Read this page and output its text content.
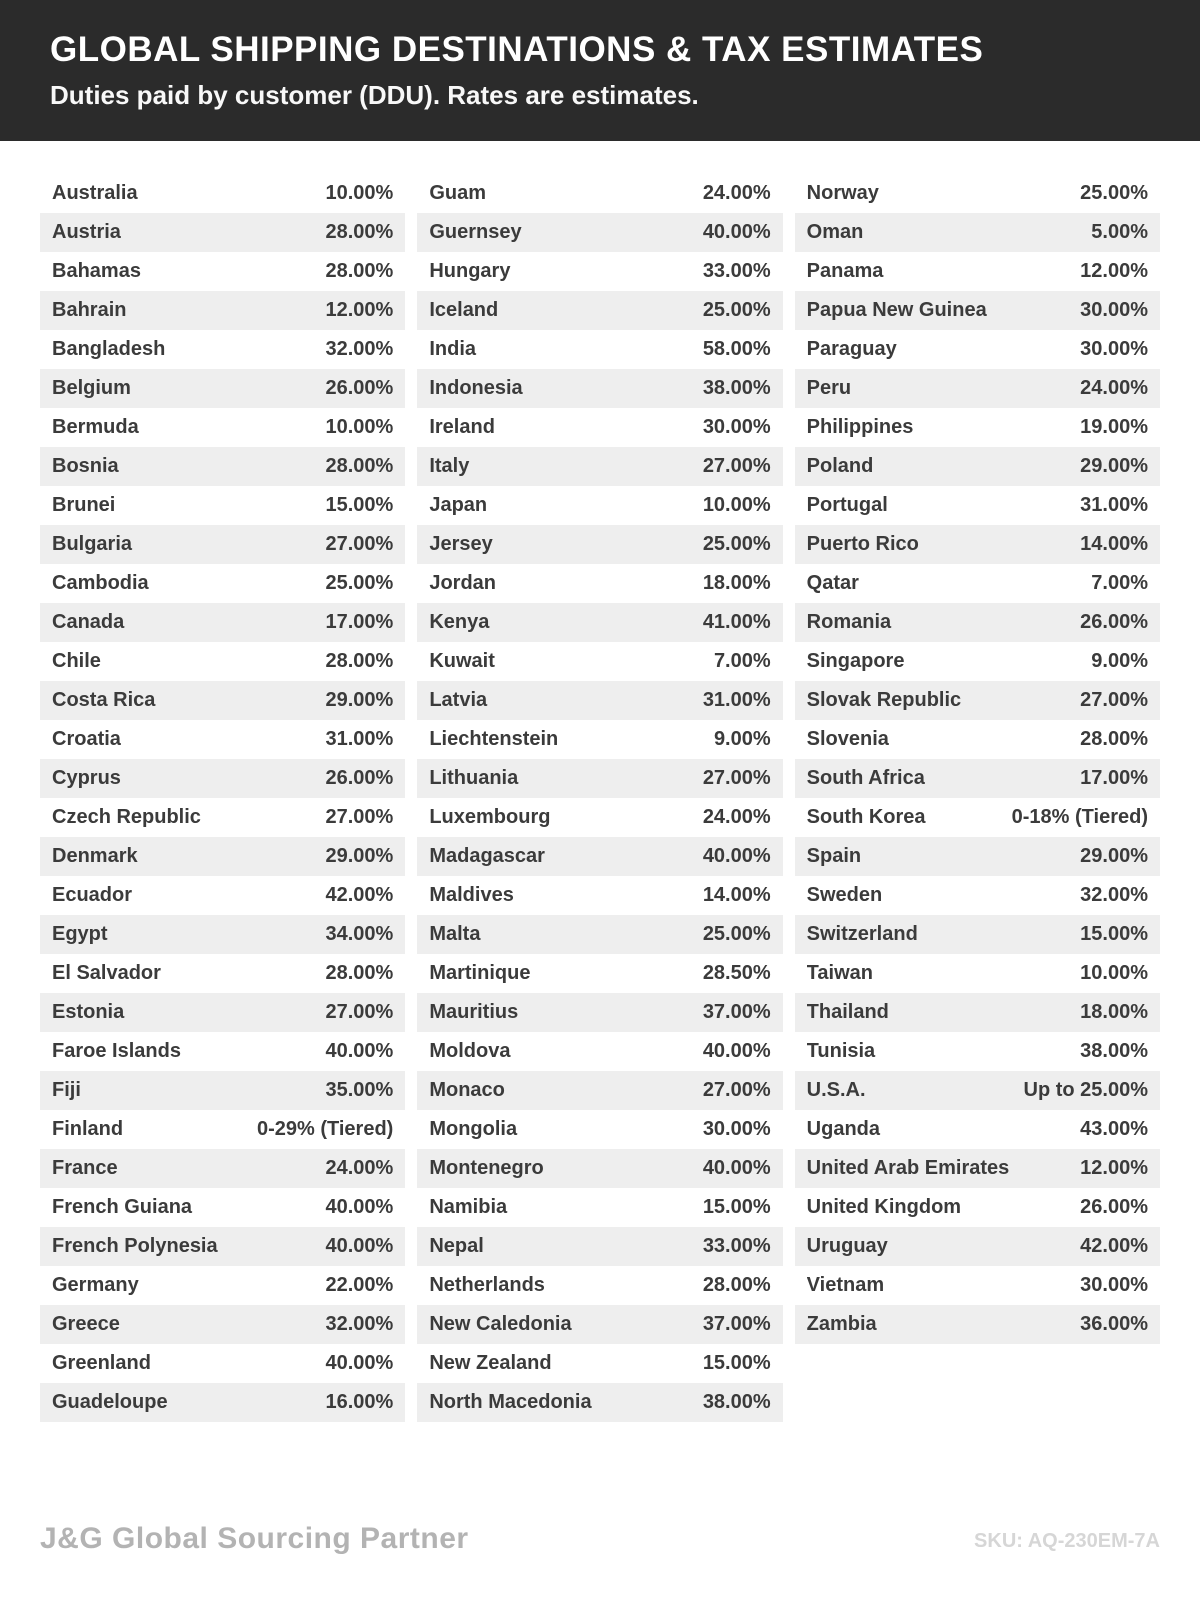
GLOBAL SHIPPING DESTINATIONS & TAX ESTIMATES
Duties paid by customer (DDU). Rates are estimates.
Australia	10.00%
Austria	28.00%
Bahamas	28.00%
Bahrain	12.00%
Bangladesh	32.00%
Belgium	26.00%
Bermuda	10.00%
Bosnia	28.00%
Brunei	15.00%
Bulgaria	27.00%
Cambodia	25.00%
Canada	17.00%
Chile	28.00%
Costa Rica	29.00%
Croatia	31.00%
Cyprus	26.00%
Czech Republic	27.00%
Denmark	29.00%
Ecuador	42.00%
Egypt	34.00%
El Salvador	28.00%
Estonia	27.00%
Faroe Islands	40.00%
Fiji	35.00%
Finland	0-29% (Tiered)
France	24.00%
French Guiana	40.00%
French Polynesia	40.00%
Germany	22.00%
Greece	32.00%
Greenland	40.00%
Guadeloupe	16.00%
Guam	24.00%
Guernsey	40.00%
Hungary	33.00%
Iceland	25.00%
India	58.00%
Indonesia	38.00%
Ireland	30.00%
Italy	27.00%
Japan	10.00%
Jersey	25.00%
Jordan	18.00%
Kenya	41.00%
Kuwait	7.00%
Latvia	31.00%
Liechtenstein	9.00%
Lithuania	27.00%
Luxembourg	24.00%
Madagascar	40.00%
Maldives	14.00%
Malta	25.00%
Martinique	28.50%
Mauritius	37.00%
Moldova	40.00%
Monaco	27.00%
Mongolia	30.00%
Montenegro	40.00%
Namibia	15.00%
Nepal	33.00%
Netherlands	28.00%
New Caledonia	37.00%
New Zealand	15.00%
North Macedonia	38.00%
Norway	25.00%
Oman	5.00%
Panama	12.00%
Papua New Guinea	30.00%
Paraguay	30.00%
Peru	24.00%
Philippines	19.00%
Poland	29.00%
Portugal	31.00%
Puerto Rico	14.00%
Qatar	7.00%
Romania	26.00%
Singapore	9.00%
Slovak Republic	27.00%
Slovenia	28.00%
South Africa	17.00%
South Korea	0-18% (Tiered)
Spain	29.00%
Sweden	32.00%
Switzerland	15.00%
Taiwan	10.00%
Thailand	18.00%
Tunisia	38.00%
U.S.A.	Up to 25.00%
Uganda	43.00%
United Arab Emirates	12.00%
United Kingdom	26.00%
Uruguay	42.00%
Vietnam	30.00%
Zambia	36.00%
J&G Global Sourcing Partner	SKU: AQ-230EM-7A
